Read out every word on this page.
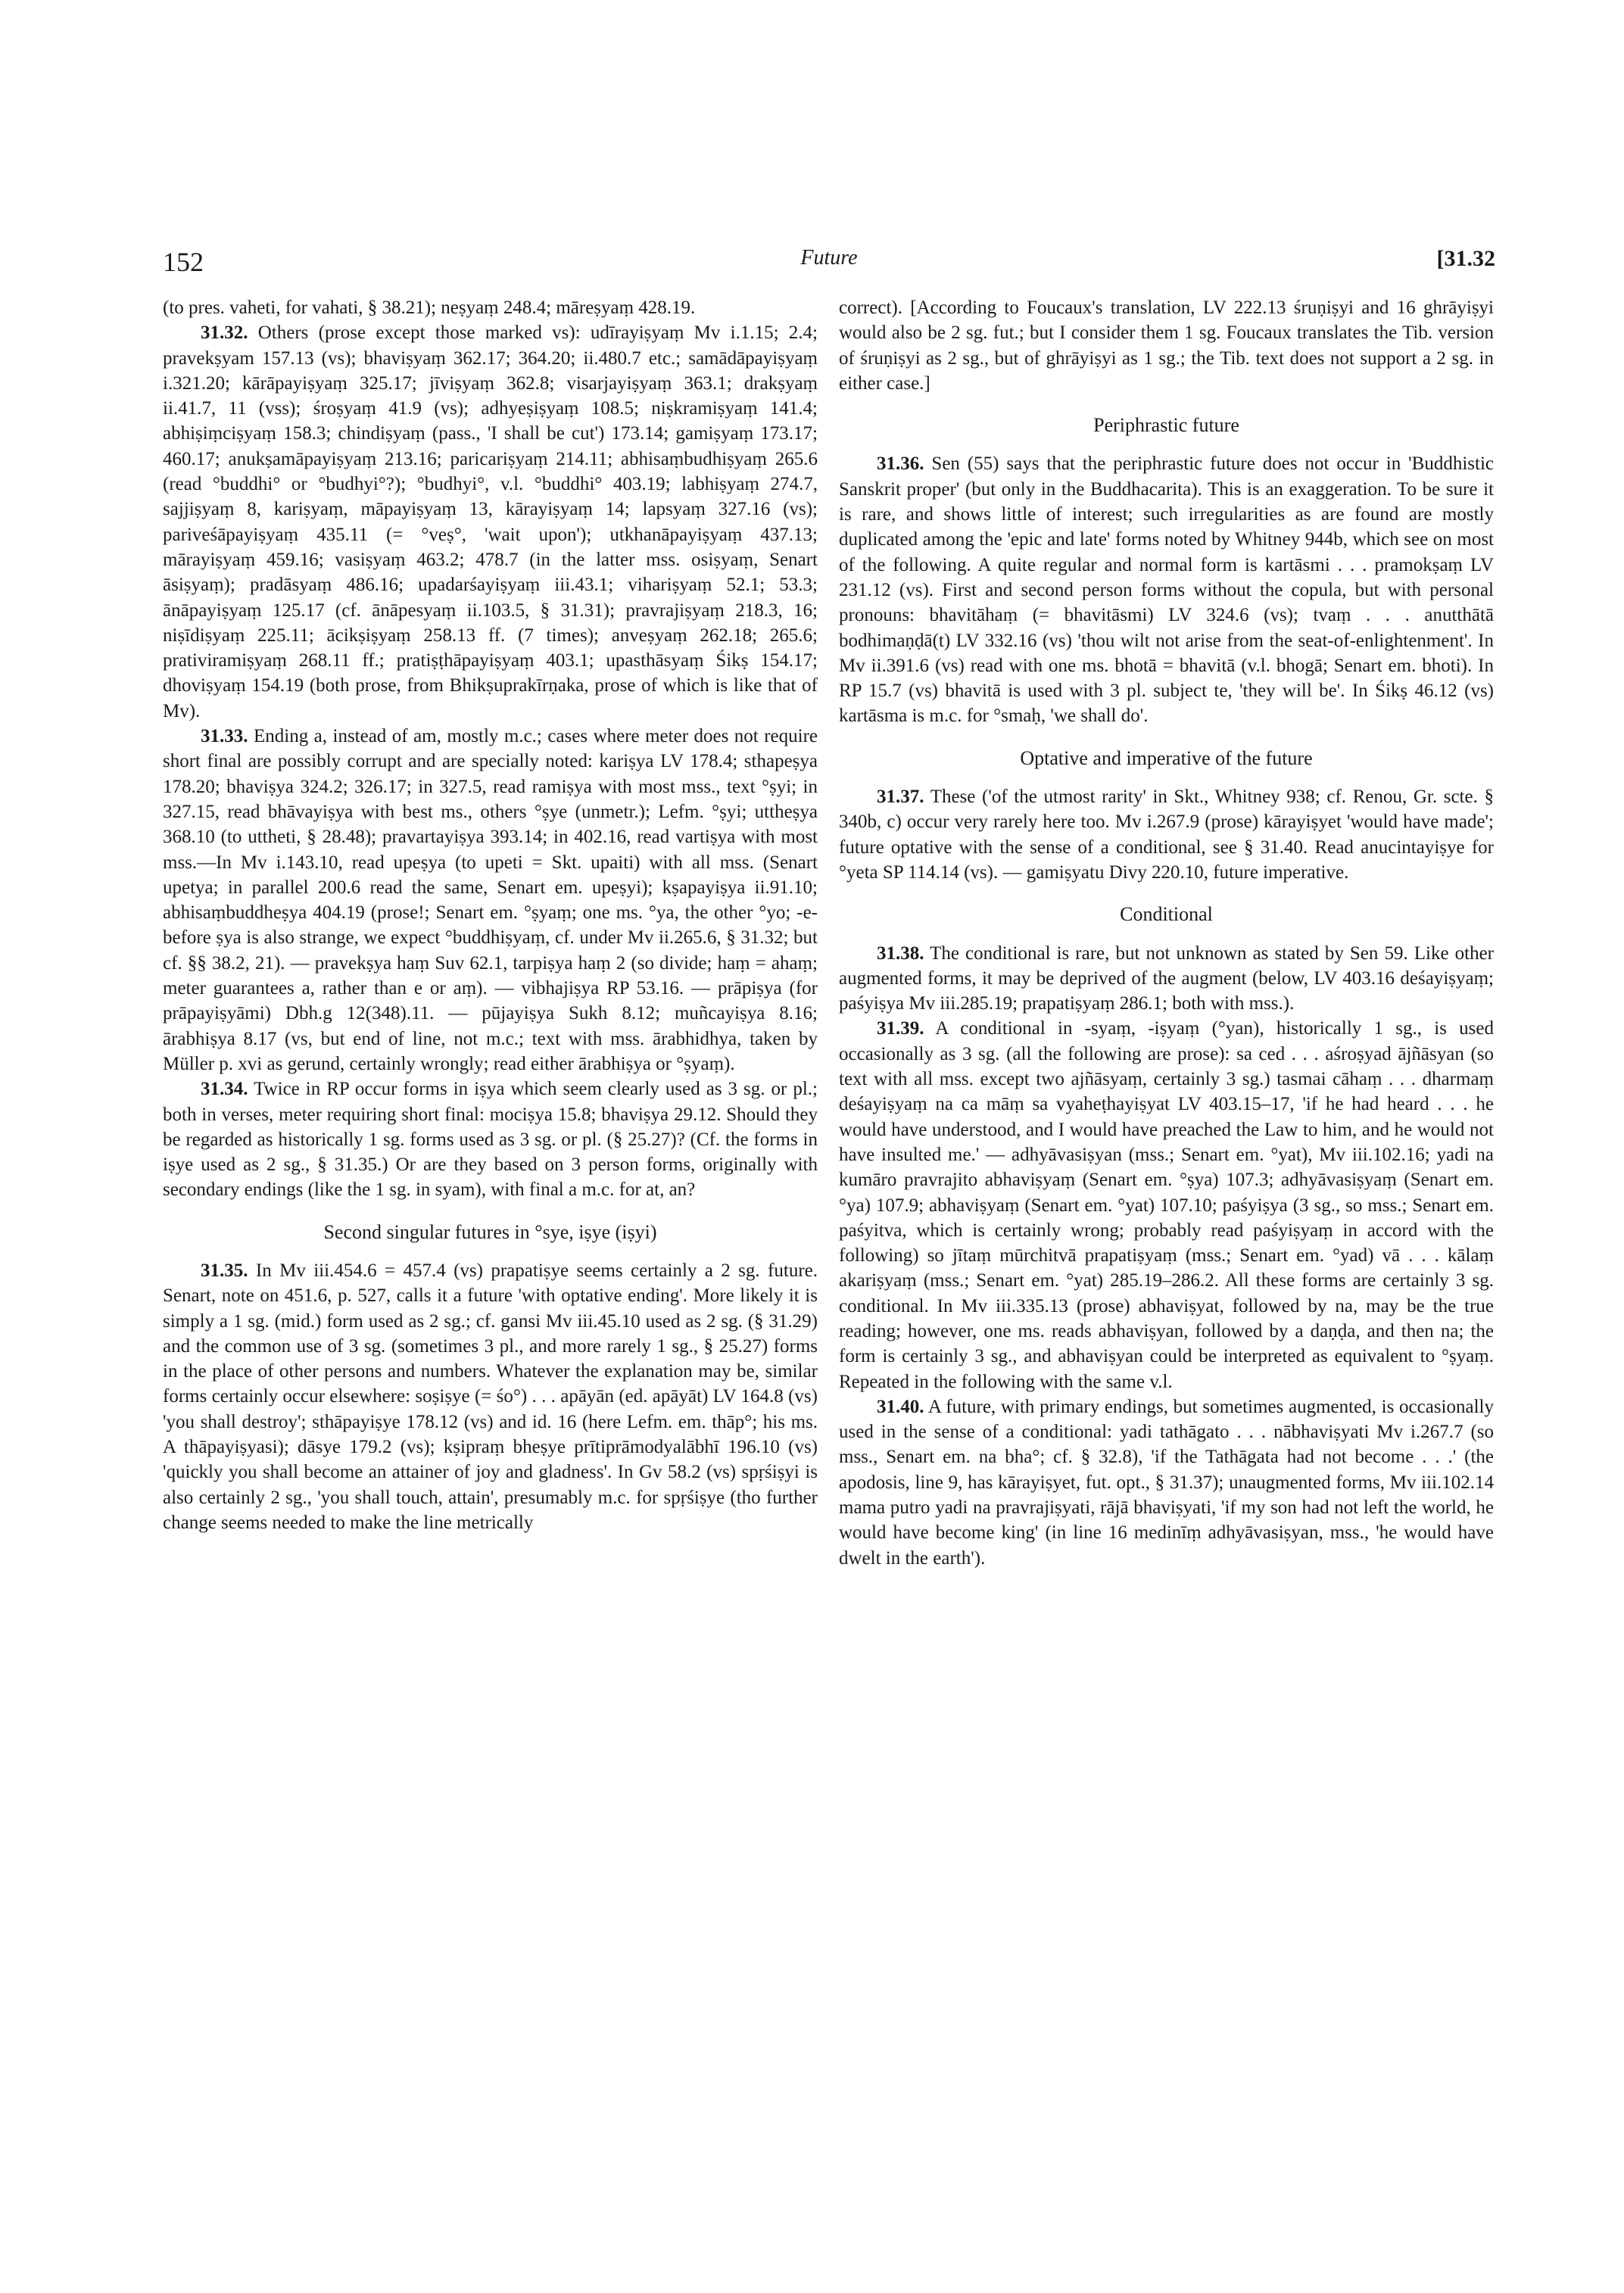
152	Future	[31.32

(to pres. vaheti, for vahati, § 38.21); neṣyaṃ 248.4; māreṣyaṃ 428.19.

31.32. Others (prose except those marked vs): udīrayiṣyaṃ Mv i.1.15; 2.4; pravekṣyam 157.13 (vs); bhaviṣyaṃ 362.17; 364.20; ii.480.7 etc.; samādāpayiṣyaṃ i.321.20; kārāpayiṣyaṃ 325.17; jīviṣyaṃ 362.8; visarjayiṣyaṃ 363.1; drakṣyaṃ ii.41.7, 11 (vss); śroṣyaṃ 41.9 (vs); adhyeṣiṣyaṃ 108.5; niṣkramiṣyaṃ 141.4; abhiṣiṃciṣyaṃ 158.3; chindiṣyaṃ (pass., 'I shall be cut') 173.14; gamiṣyaṃ 173.17; 460.17; anukṣamāpayiṣyaṃ 213.16; paricariṣyaṃ 214.11; abhisaṃbudhiṣyaṃ 265.6 (read °buddhi° or °budhyi°?); °budhyi°, v.l. °buddhi° 403.19; labhiṣyaṃ 274.7, sajjiṣyaṃ 8, kariṣyaṃ, māpayiṣyaṃ 13, kārayiṣyaṃ 14; lapsyaṃ 327.16 (vs); pariveśāpayiṣyaṃ 435.11 (= °veṣ°, 'wait upon'); utkhanāpayiṣyaṃ 437.13; mārayiṣyaṃ 459.16; vasiṣyaṃ 463.2; 478.7 (in the latter mss. osiṣyaṃ, Senart āsiṣyaṃ); pradāsyaṃ 486.16; upadarśayiṣyaṃ iii.43.1; vihariṣyaṃ 52.1; 53.3; ānāpayiṣyaṃ 125.17 (cf. ānāpesyaṃ ii.103.5, § 31.31); pravrajiṣyaṃ 218.3, 16; niṣīdiṣyaṃ 225.11; ācikṣiṣyaṃ 258.13 ff. (7 times); anveṣyaṃ 262.18; 265.6; prativiramiṣyaṃ 268.11 ff.; pratiṣṭhāpayiṣyaṃ 403.1; upasthāsyaṃ Śikṣ 154.17; dhoviṣyaṃ 154.19 (both prose, from Bhikṣuprakīrṇaka, prose of which is like that of Mv).

31.33. Ending a, instead of am, mostly m.c.; cases where meter does not require short final are possibly corrupt and are specially noted: kariṣya LV 178.4; sthapeṣya 178.20; bhaviṣya 324.2; 326.17; in 327.5, read ramiṣya with most mss., text °ṣyi; in 327.15, read bhāvayiṣya with best ms., others °ṣye (unmetr.); Lefm. °ṣyi; uttheṣya 368.10 (to uttheti, § 28.48); pravartayiṣya 393.14; in 402.16, read vartiṣya with most mss.—In Mv i.143.10, read upeṣya (to upeti = Skt. upaiti) with all mss. (Senart upetya; in parallel 200.6 read the same, Senart em. upeṣyi); kṣapayiṣya ii.91.10; abhisaṃbuddheṣya 404.19 (prose!; Senart em. °ṣyaṃ; one ms. °ya, the other °yo; -e- before ṣya is also strange, we expect °buddhiṣyaṃ, cf. under Mv ii.265.6, § 31.32; but cf. §§ 38.2, 21). — pravekṣya haṃ Suv 62.1, tarpiṣya haṃ 2 (so divide; haṃ = ahaṃ; meter guarantees a, rather than e or aṃ). — vibhajiṣya RP 53.16. — prāpiṣya (for prāpayiṣyāmi) Dbh.g 12(348).11. — pūjayiṣya Sukh 8.12; muñcayiṣya 8.16; ārabhiṣya 8.17 (vs, but end of line, not m.c.; text with mss. ārabhidhya, taken by Müller p. xvi as gerund, certainly wrongly; read either ārabhiṣya or °ṣyaṃ).

31.34. Twice in RP occur forms in iṣya which seem clearly used as 3 sg. or pl.; both in verses, meter requiring short final: mociṣya 15.8; bhaviṣya 29.12. Should they be regarded as historically 1 sg. forms used as 3 sg. or pl. (§ 25.27)? (Cf. the forms in iṣye used as 2 sg., § 31.35.) Or are they based on 3 person forms, originally with secondary endings (like the 1 sg. in syam), with final a m.c. for at, an?

Second singular futures in °sye, iṣye (iṣyi)

31.35. In Mv iii.454.6 = 457.4 (vs) prapatiṣye seems certainly a 2 sg. future. Senart, note on 451.6, p. 527, calls it a future 'with optative ending'. More likely it is simply a 1 sg. (mid.) form used as 2 sg.; cf. gansi Mv iii.45.10 used as 2 sg. (§ 31.29) and the common use of 3 sg. (sometimes 3 pl., and more rarely 1 sg., § 25.27) forms in the place of other persons and numbers. Whatever the explanation may be, similar forms certainly occur elsewhere: soṣiṣye (= śo°) . . . apāyān (ed. apāyāt) LV 164.8 (vs) 'you shall destroy'; sthāpayiṣye 178.12 (vs) and id. 16 (here Lefm. em. thāp°; his ms. A thāpayiṣyasi); dāsye 179.2 (vs); kṣipraṃ bheṣye prītiprāmodyalābhī 196.10 (vs) 'quickly you shall become an attainer of joy and gladness'. In Gv 58.2 (vs) spṛśiṣyi is also certainly 2 sg., 'you shall touch, attain', presumably m.c. for spṛśiṣye (tho further change seems needed to make the line metrically

correct). [According to Foucaux's translation, LV 222.13 śruṇiṣyi and 16 ghrāyiṣyi would also be 2 sg. fut.; but I consider them 1 sg. Foucaux translates the Tib. version of śruṇiṣyi as 2 sg., but of ghrāyiṣyi as 1 sg.; the Tib. text does not support a 2 sg. in either case.]

Periphrastic future

31.36. Sen (55) says that the periphrastic future does not occur in 'Buddhistic Sanskrit proper' (but only in the Buddhacarita). This is an exaggeration. To be sure it is rare, and shows little of interest; such irregularities as are found are mostly duplicated among the 'epic and late' forms noted by Whitney 944b, which see on most of the following. A quite regular and normal form is kartāsmi . . . pramokṣaṃ LV 231.12 (vs). First and second person forms without the copula, but with personal pronouns: bhavitāhaṃ (= bhavitāsmi) LV 324.6 (vs); tvaṃ . . . anutthātā bodhimaṇḍā(t) LV 332.16 (vs) 'thou wilt not arise from the seat-of-enlightenment'. In Mv ii.391.6 (vs) read with one ms. bhotā = bhavitā (v.l. bhogā; Senart em. bhoti). In RP 15.7 (vs) bhavitā is used with 3 pl. subject te, 'they will be'. In Śikṣ 46.12 (vs) kartāsma is m.c. for °smaḥ, 'we shall do'.

Optative and imperative of the future

31.37. These ('of the utmost rarity' in Skt., Whitney 938; cf. Renou, Gr. scte. § 340b, c) occur very rarely here too. Mv i.267.9 (prose) kārayiṣyet 'would have made'; future optative with the sense of a conditional, see § 31.40. Read anucintayiṣye for °yeta SP 114.14 (vs). — gamiṣyatu Divy 220.10, future imperative.

Conditional

31.38. The conditional is rare, but not unknown as stated by Sen 59. Like other augmented forms, it may be deprived of the augment (below, LV 403.16 deśayiṣyaṃ; paśyiṣya Mv iii.285.19; prapatiṣyaṃ 286.1; both with mss.).

31.39. A conditional in -syaṃ, -iṣyaṃ (°yan), historically 1 sg., is used occasionally as 3 sg. (all the following are prose): sa ced . . . aśroṣyad ājñāsyan (so text with all mss. except two ajñāsyaṃ, certainly 3 sg.) tasmai cāhaṃ . . . dharmaṃ deśayiṣyaṃ na ca māṃ sa vyaheṭhayiṣyat LV 403.15–17, 'if he had heard . . . he would have understood, and I would have preached the Law to him, and he would not have insulted me.' — adhyāvasiṣyan (mss.; Senart em. °yat), Mv iii.102.16; yadi na kumāro pravrajito abhaviṣyaṃ (Senart em. °ṣya) 107.3; adhyāvasiṣyaṃ (Senart em. °ya) 107.9; abhaviṣyaṃ (Senart em. °yat) 107.10; paśyiṣya (3 sg., so mss.; Senart em. paśyitva, which is certainly wrong; probably read paśyiṣyaṃ in accord with the following) so jītaṃ mūrchitvā prapatiṣyaṃ (mss.; Senart em. °yad) vā . . . kālaṃ akariṣyaṃ (mss.; Senart em. °yat) 285.19–286.2. All these forms are certainly 3 sg. conditional. In Mv iii.335.13 (prose) abhaviṣyat, followed by na, may be the true reading; however, one ms. reads abhaviṣyan, followed by a daṇḍa, and then na; the form is certainly 3 sg., and abhaviṣyan could be interpreted as equivalent to °ṣyaṃ. Repeated in the following with the same v.l.

31.40. A future, with primary endings, but sometimes augmented, is occasionally used in the sense of a conditional: yadi tathāgato . . . nābhaviṣyati Mv i.267.7 (so mss., Senart em. na bha°; cf. § 32.8), 'if the Tathāgata had not become . . .' (the apodosis, line 9, has kārayiṣyet, fut. opt., § 31.37); unaugmented forms, Mv iii.102.14 mama putro yadi na pravrajiṣyati, rājā bhaviṣyati, 'if my son had not left the world, he would have become king' (in line 16 medinīṃ adhyāvasiṣyan, mss., 'he would have dwelt in the earth').
